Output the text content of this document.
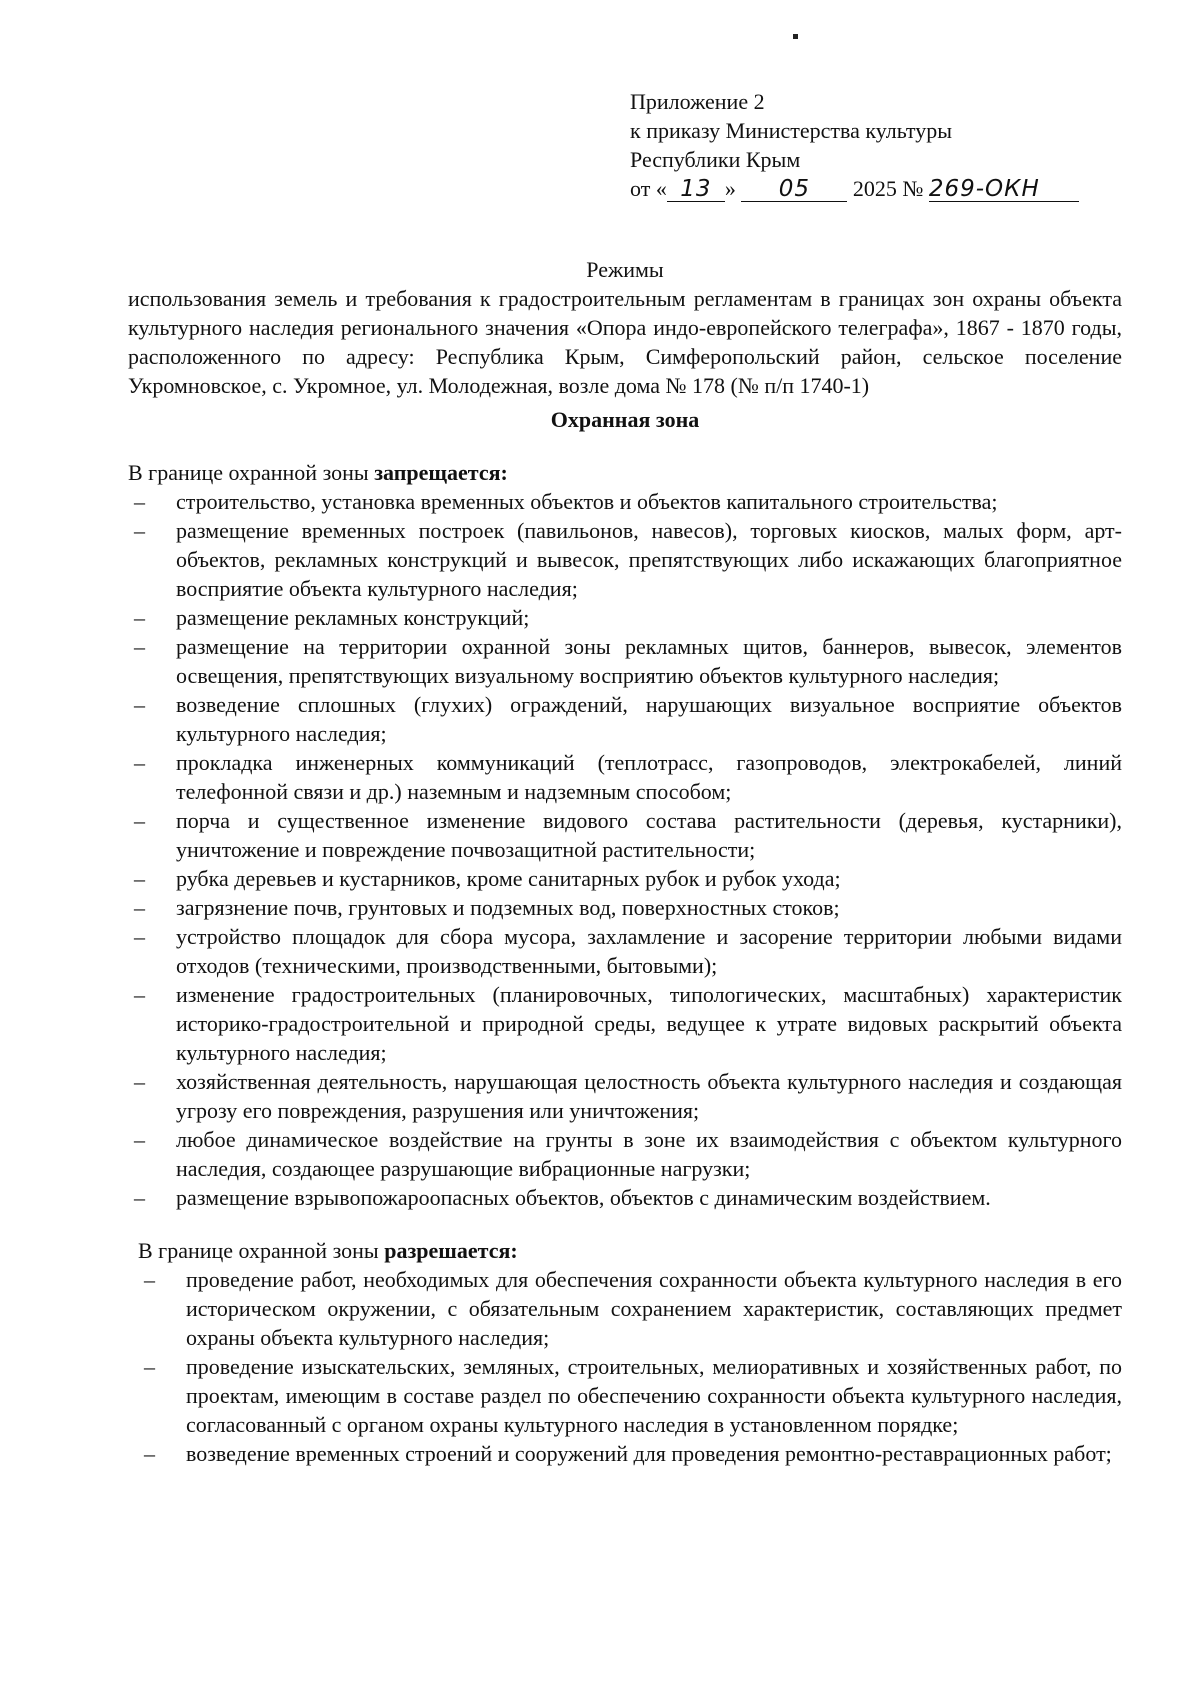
Приложение 2
к приказу Министерства культуры
Республики Крым
от « 13 » 05 2025 № 269-ОКН
Режимы
использования земель и требования к градостроительным регламентам в границах зон охраны объекта культурного наследия регионального значения «Опора индо-европейского телеграфа», 1867 - 1870 годы, расположенного по адресу: Республика Крым, Симферопольский район, сельское поселение Укромновское, с. Укромное, ул. Молодежная, возле дома № 178 (№ п/п 1740-1)
Охранная зона
В границе охранной зоны запрещается:
– строительство, установка временных объектов и объектов капитального строительства;
– размещение временных построек (павильонов, навесов), торговых киосков, малых форм, арт-объектов, рекламных конструкций и вывесок, препятствующих либо искажающих благоприятное восприятие объекта культурного наследия;
– размещение рекламных конструкций;
– размещение на территории охранной зоны рекламных щитов, баннеров, вывесок, элементов освещения, препятствующих визуальному восприятию объектов культурного наследия;
– возведение сплошных (глухих) ограждений, нарушающих визуальное восприятие объектов культурного наследия;
– прокладка инженерных коммуникаций (теплотрасс, газопроводов, электрокабелей, линий телефонной связи и др.) наземным и надземным способом;
– порча и существенное изменение видового состава растительности (деревья, кустарники), уничтожение и повреждение почвозащитной растительности;
– рубка деревьев и кустарников, кроме санитарных рубок и рубок ухода;
– загрязнение почв, грунтовых и подземных вод, поверхностных стоков;
– устройство площадок для сбора мусора, захламление и засорение территории любыми видами отходов (техническими, производственными, бытовыми);
– изменение градостроительных (планировочных, типологических, масштабных) характеристик историко-градостроительной и природной среды, ведущее к утрате видовых раскрытий объекта культурного наследия;
– хозяйственная деятельность, нарушающая целостность объекта культурного наследия и создающая угрозу его повреждения, разрушения или уничтожения;
– любое динамическое воздействие на грунты в зоне их взаимодействия с объектом культурного наследия, создающее разрушающие вибрационные нагрузки;
– размещение взрывопожароопасных объектов, объектов с динамическим воздействием.
В границе охранной зоны разрешается:
– проведение работ, необходимых для обеспечения сохранности объекта культурного наследия в его историческом окружении, с обязательным сохранением характеристик, составляющих предмет охраны объекта культурного наследия;
– проведение изыскательских, земляных, строительных, мелиоративных и хозяйственных работ, по проектам, имеющим в составе раздел по обеспечению сохранности объекта культурного наследия, согласованный с органом охраны культурного наследия в установленном порядке;
– возведение временных строений и сооружений для проведения ремонтно-реставрационных работ;
